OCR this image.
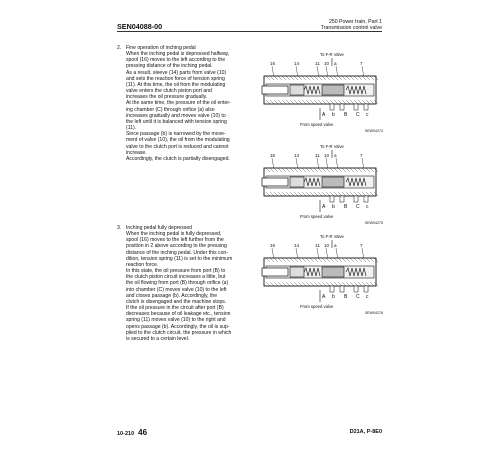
SEN04088-00	250 Power train, Part 1
Transmission control valve
2. Fine operation of inching pedal

When the inching pedal is depressed halfway,

spool (16) moves to the left according to the

pressing distance of the inching pedal.

As a result, sleeve (14) parts from valve (10)

and sets the reaction force of tension spring

(11). At this time, the oil from the modulating

valve enters the clutch piston port and

increases the oil pressure gradually.

At the same time, the pressure of the oil enter-

ing chamber (C) through orifice (a) also

increases gradually and moves valve (10) to

the left until it is balanced with tension spring

(11).

Since passage (b) is narrowed by the move-

ment of valve (10), the oil from the modulating

valve to the clutch port is reduced and cannot

increase.

Accordingly, the clutch is partially disengaged.

3. Inching pedal fully depressed

When the inching pedal is fully depressed,

spool (16) moves to the left further from the

position in 2 above according to the pressing

distance of the inching pedal. Under this con-

dition, tension spring (11) is set to the minimum

reaction force.

In this state, the oil pressure from port (B) to

the clutch piston circuit increases a little, but

the oil flowing from port (B) through orifice (a)

into chamber (C) moves valve (10) to the left

and closes passage (b). Accordingly, the

clutch is disengaged and the machine stops.

If the oil pressure in the circuit after port (B)

decreases because of oil leakage etc., tension

spring (11) moves valve (10) to the right and

opens passage (b). Accordingly, the oil is sup-

plied to the clutch circuit, the pressure in which

is secured to a certain level.

To F-R Valve
16	14	11 10 a	7
A b B C c
From speed valve
SEW04274
To F-R Valve
16	14	11 10 a	7
A b B C c
From speed valve
SEW04275
To F-R Valve
16	14	11 10 a	7
A b B C c
From speed valve
SEW04276
10-210 46	D21A, P-8E0
